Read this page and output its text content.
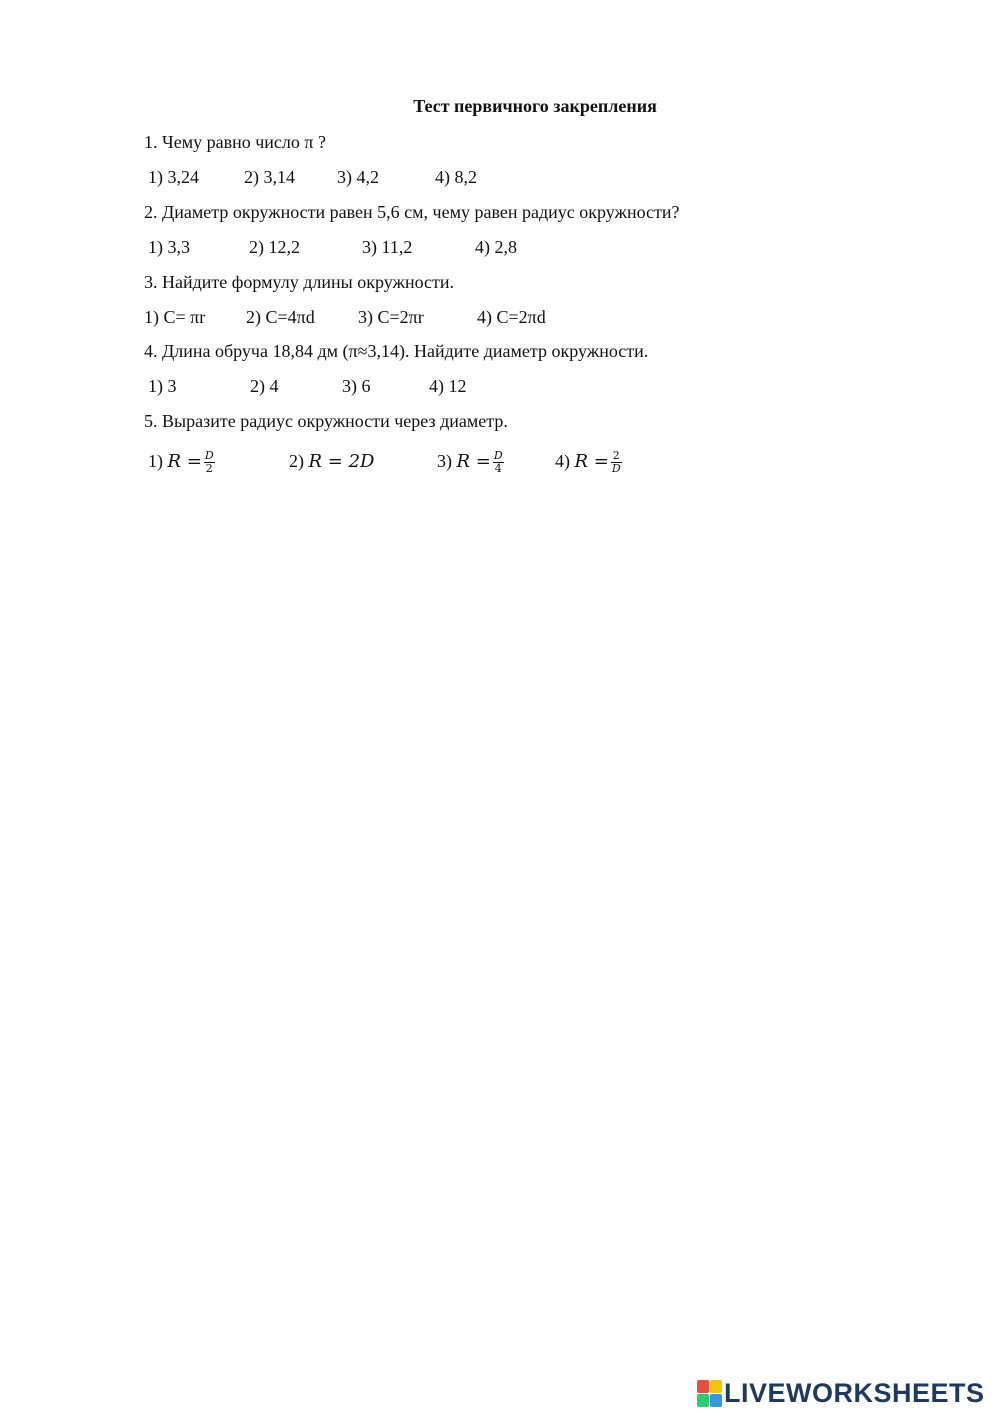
Тест первичного закрепления
1. Чему равно число π ?
1) 3,24	2) 3,14 3) 4,2	4) 8,2
2. Диаметр окружности равен 5,6 см, чему равен радиус окружности?
1) 3,3	2) 12,2	3) 11,2	4) 2,8
3. Найдите формулу длины окружности.
1) C= πr 2) C=4πd 3) C=2πr	4) C=2πd
4. Длина обруча 18,84 дм (π≈3,14). Найдите диаметр окружности.
1) 3	2) 4	3) 6	4) 12
5. Выразите радиус окружности через диаметр.
1) $R = \frac{D}{2}$	2) R = 2D	3) $R = \frac{D}{4}$	4) $R = \frac{2}{D}$
LIVEWORKSHEETS
